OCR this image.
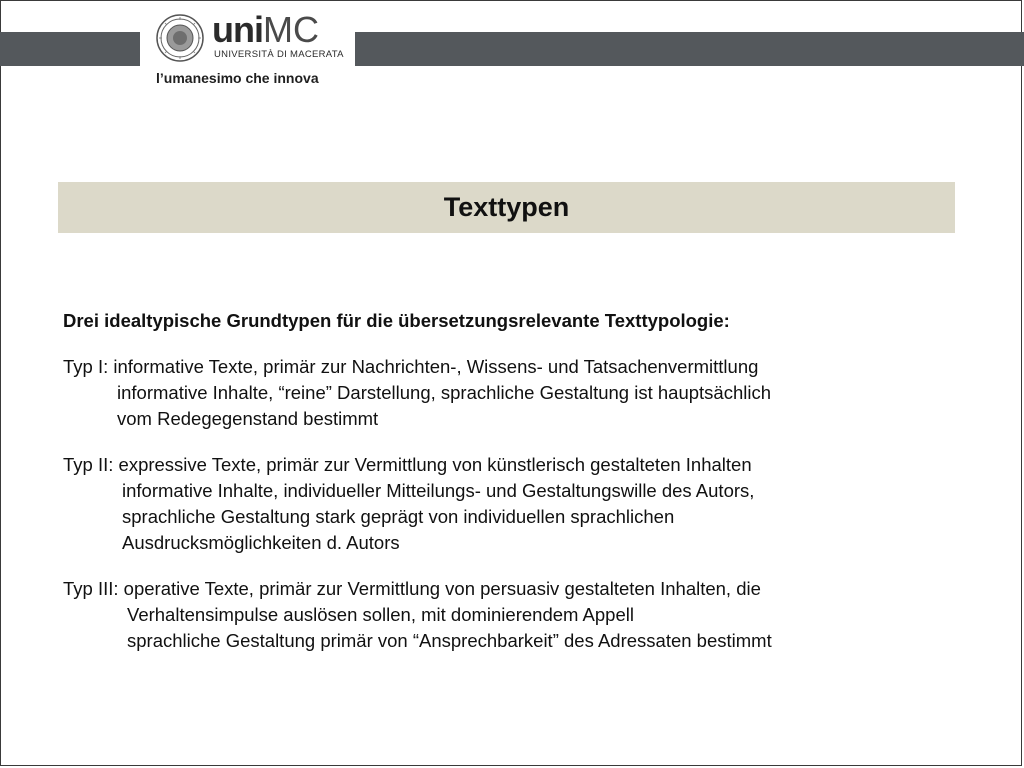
uniMC
UNIVERSITÀ DI MACERATA
l’umanesimo che innova
Texttypen

Drei idealtypische Grundtypen für die übersetzungsrelevante Texttypologie:

Typ I: informative Texte, primär zur Nachrichten-, Wissens- und Tatsachenvermittlung
informative Inhalte, “reine” Darstellung, sprachliche Gestaltung ist hauptsächlich
vom Redegegenstand bestimmt
Typ II: expressive Texte, primär zur Vermittlung von künstlerisch gestalteten Inhalten
informative Inhalte, individueller Mitteilungs- und Gestaltungswille des Autors,
sprachliche Gestaltung stark geprägt von individuellen sprachlichen
Ausdrucksmöglichkeiten d. Autors
Typ III: operative Texte, primär zur Vermittlung von persuasiv gestalteten Inhalten, die
Verhaltensimpulse auslösen sollen, mit dominierendem Appell
sprachliche Gestaltung primär von “Ansprechbarkeit” des Adressaten bestimmt
